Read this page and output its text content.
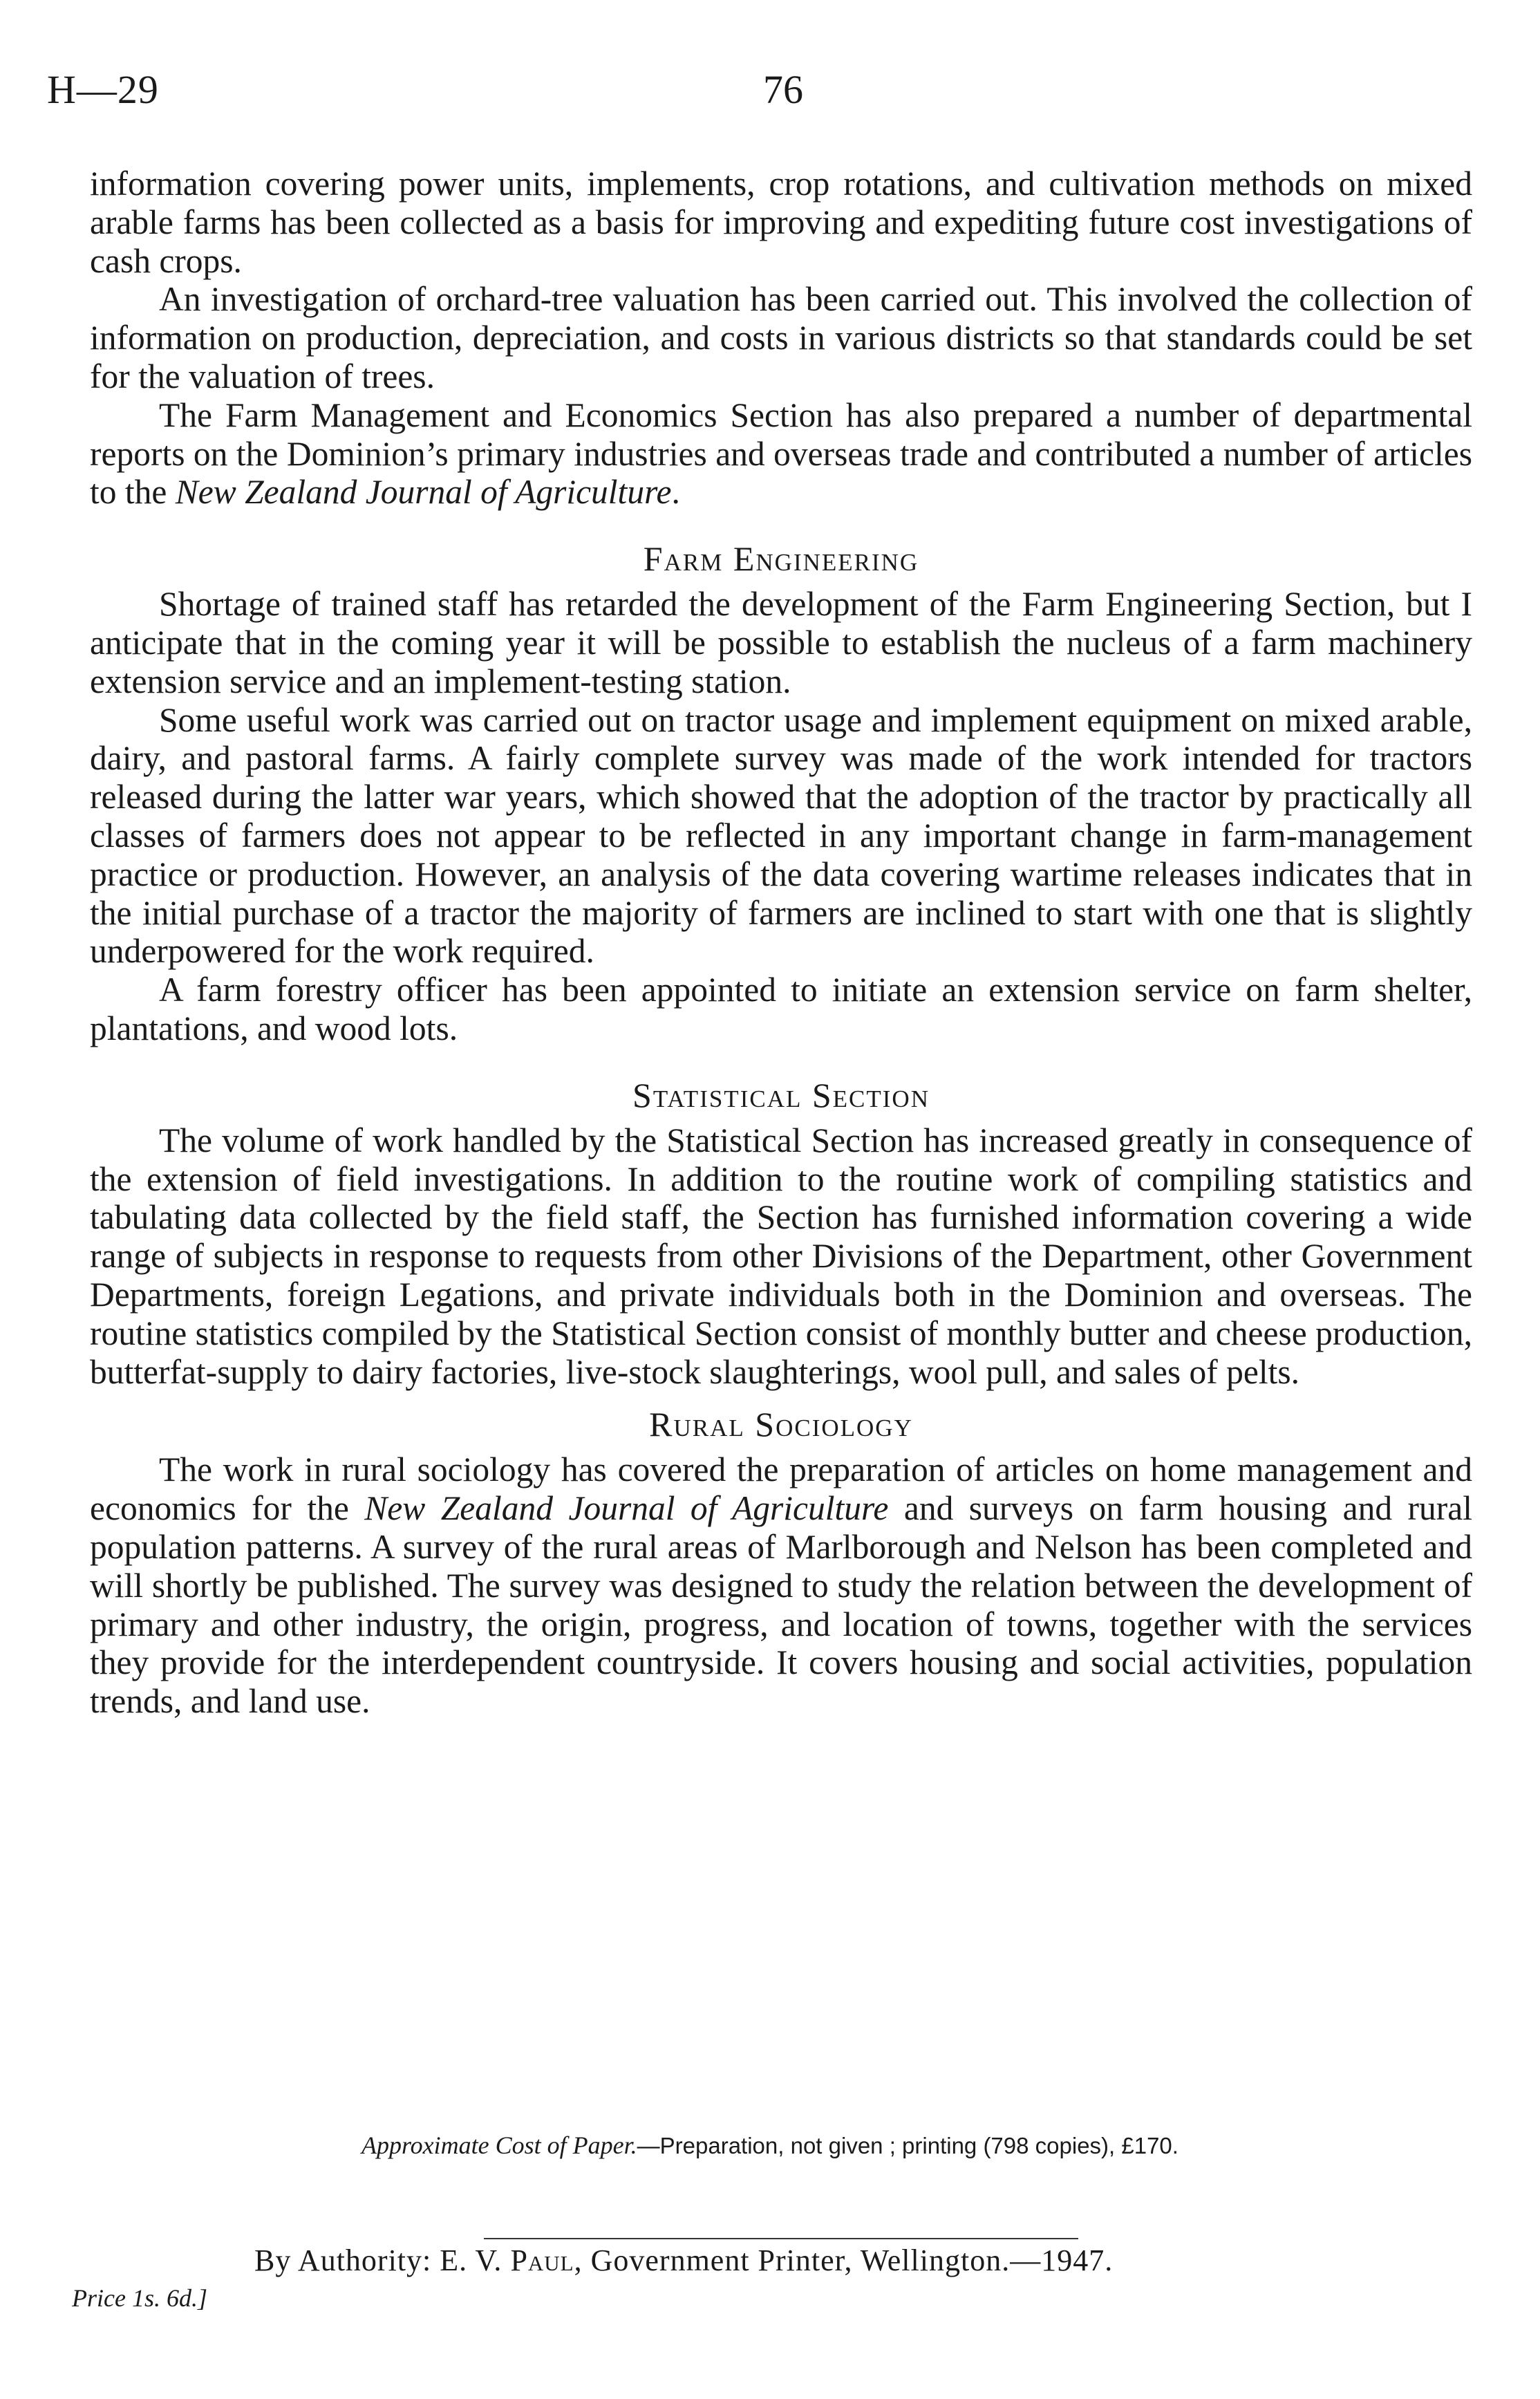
H—29	76

information covering power units, implements, crop rotations, and cultivation methods on mixed arable farms has been collected as a basis for improving and expediting future cost investigations of cash crops.

An investigation of orchard-tree valuation has been carried out. This involved the collection of information on production, depreciation, and costs in various districts so that standards could be set for the valuation of trees.

The Farm Management and Economics Section has also prepared a number of departmental reports on the Dominion’s primary industries and overseas trade and contributed a number of articles to the New Zealand Journal of Agriculture.

Farm Engineering

Shortage of trained staff has retarded the development of the Farm Engineering Section, but I anticipate that in the coming year it will be possible to establish the nucleus of a farm machinery extension service and an implement-testing station.

Some useful work was carried out on tractor usage and implement equipment on mixed arable, dairy, and pastoral farms. A fairly complete survey was made of the work intended for tractors released during the latter war years, which showed that the adoption of the tractor by practically all classes of farmers does not appear to be reflected in any important change in farm-management practice or production. However, an analysis of the data covering wartime releases indicates that in the initial purchase of a tractor the majority of farmers are inclined to start with one that is slightly underpowered for the work required.

A farm forestry officer has been appointed to initiate an extension service on farm shelter, plantations, and wood lots.

Statistical Section

The volume of work handled by the Statistical Section has increased greatly in consequence of the extension of field investigations. In addition to the routine work of compiling statistics and tabulating data collected by the field staff, the Section has furnished information covering a wide range of subjects in response to requests from other Divisions of the Department, other Government Departments, foreign Legations, and private individuals both in the Dominion and overseas. The routine statistics compiled by the Statistical Section consist of monthly butter and cheese production, butterfat-supply to dairy factories, live-stock slaughterings, wool pull, and sales of pelts.

Rural Sociology

The work in rural sociology has covered the preparation of articles on home management and economics for the New Zealand Journal of Agriculture and surveys on farm housing and rural population patterns. A survey of the rural areas of Marlborough and Nelson has been completed and will shortly be published. The survey was designed to study the relation between the development of primary and other industry, the origin, progress, and location of towns, together with the services they provide for the interdependent countryside. It covers housing and social activities, population trends, and land use.

Approximate Cost of Paper.—Preparation, not given ; printing (798 copies), £170.
By Authority: E. V. Paul, Government Printer, Wellington.—1947.
Price 1s. 6d.]
